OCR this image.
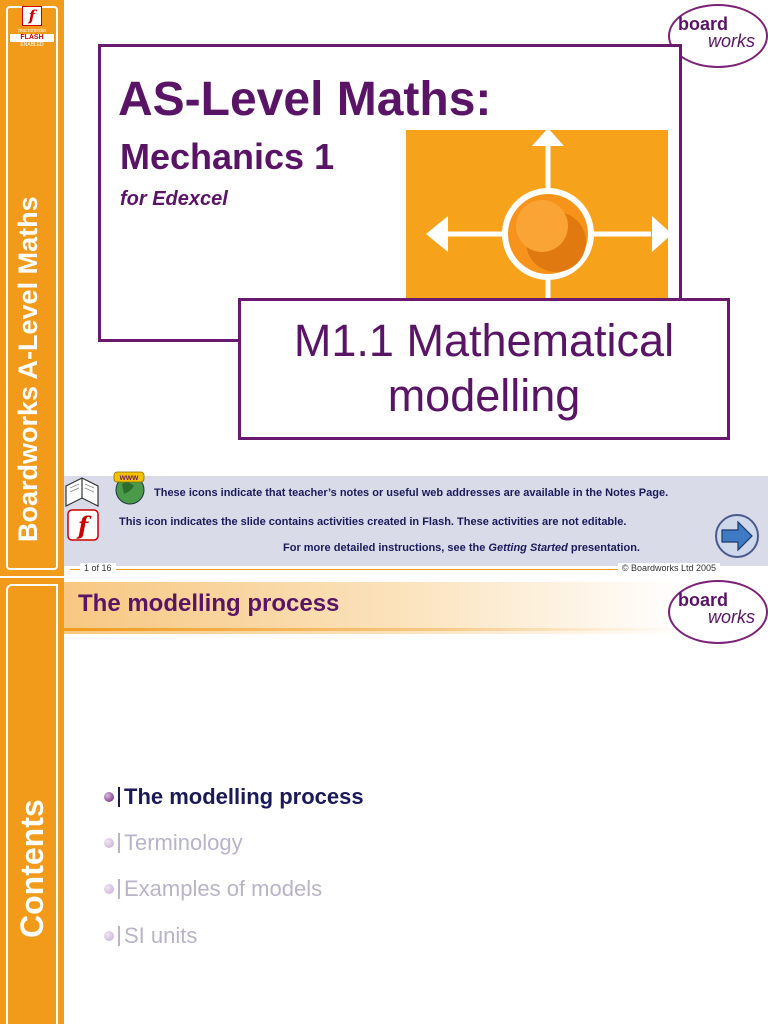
Boardworks A-Level Maths
f
macromedia
FLASH
ENABLED
board
works
AS-Level Maths:
Mechanics 1
for Edexcel
M1.1 Mathematical
modelling
These icons indicate that teacher’s notes or useful web addresses are available in the Notes Page.
This icon indicates the slide contains activities created in Flash. These activities are not editable.
For more detailed instructions, see the Getting Started presentation.
www
f
1 of 16	© Boardworks Ltd 2005
Contents
The modelling process	board
works
The modelling process
Terminology
Examples of models
SI units
